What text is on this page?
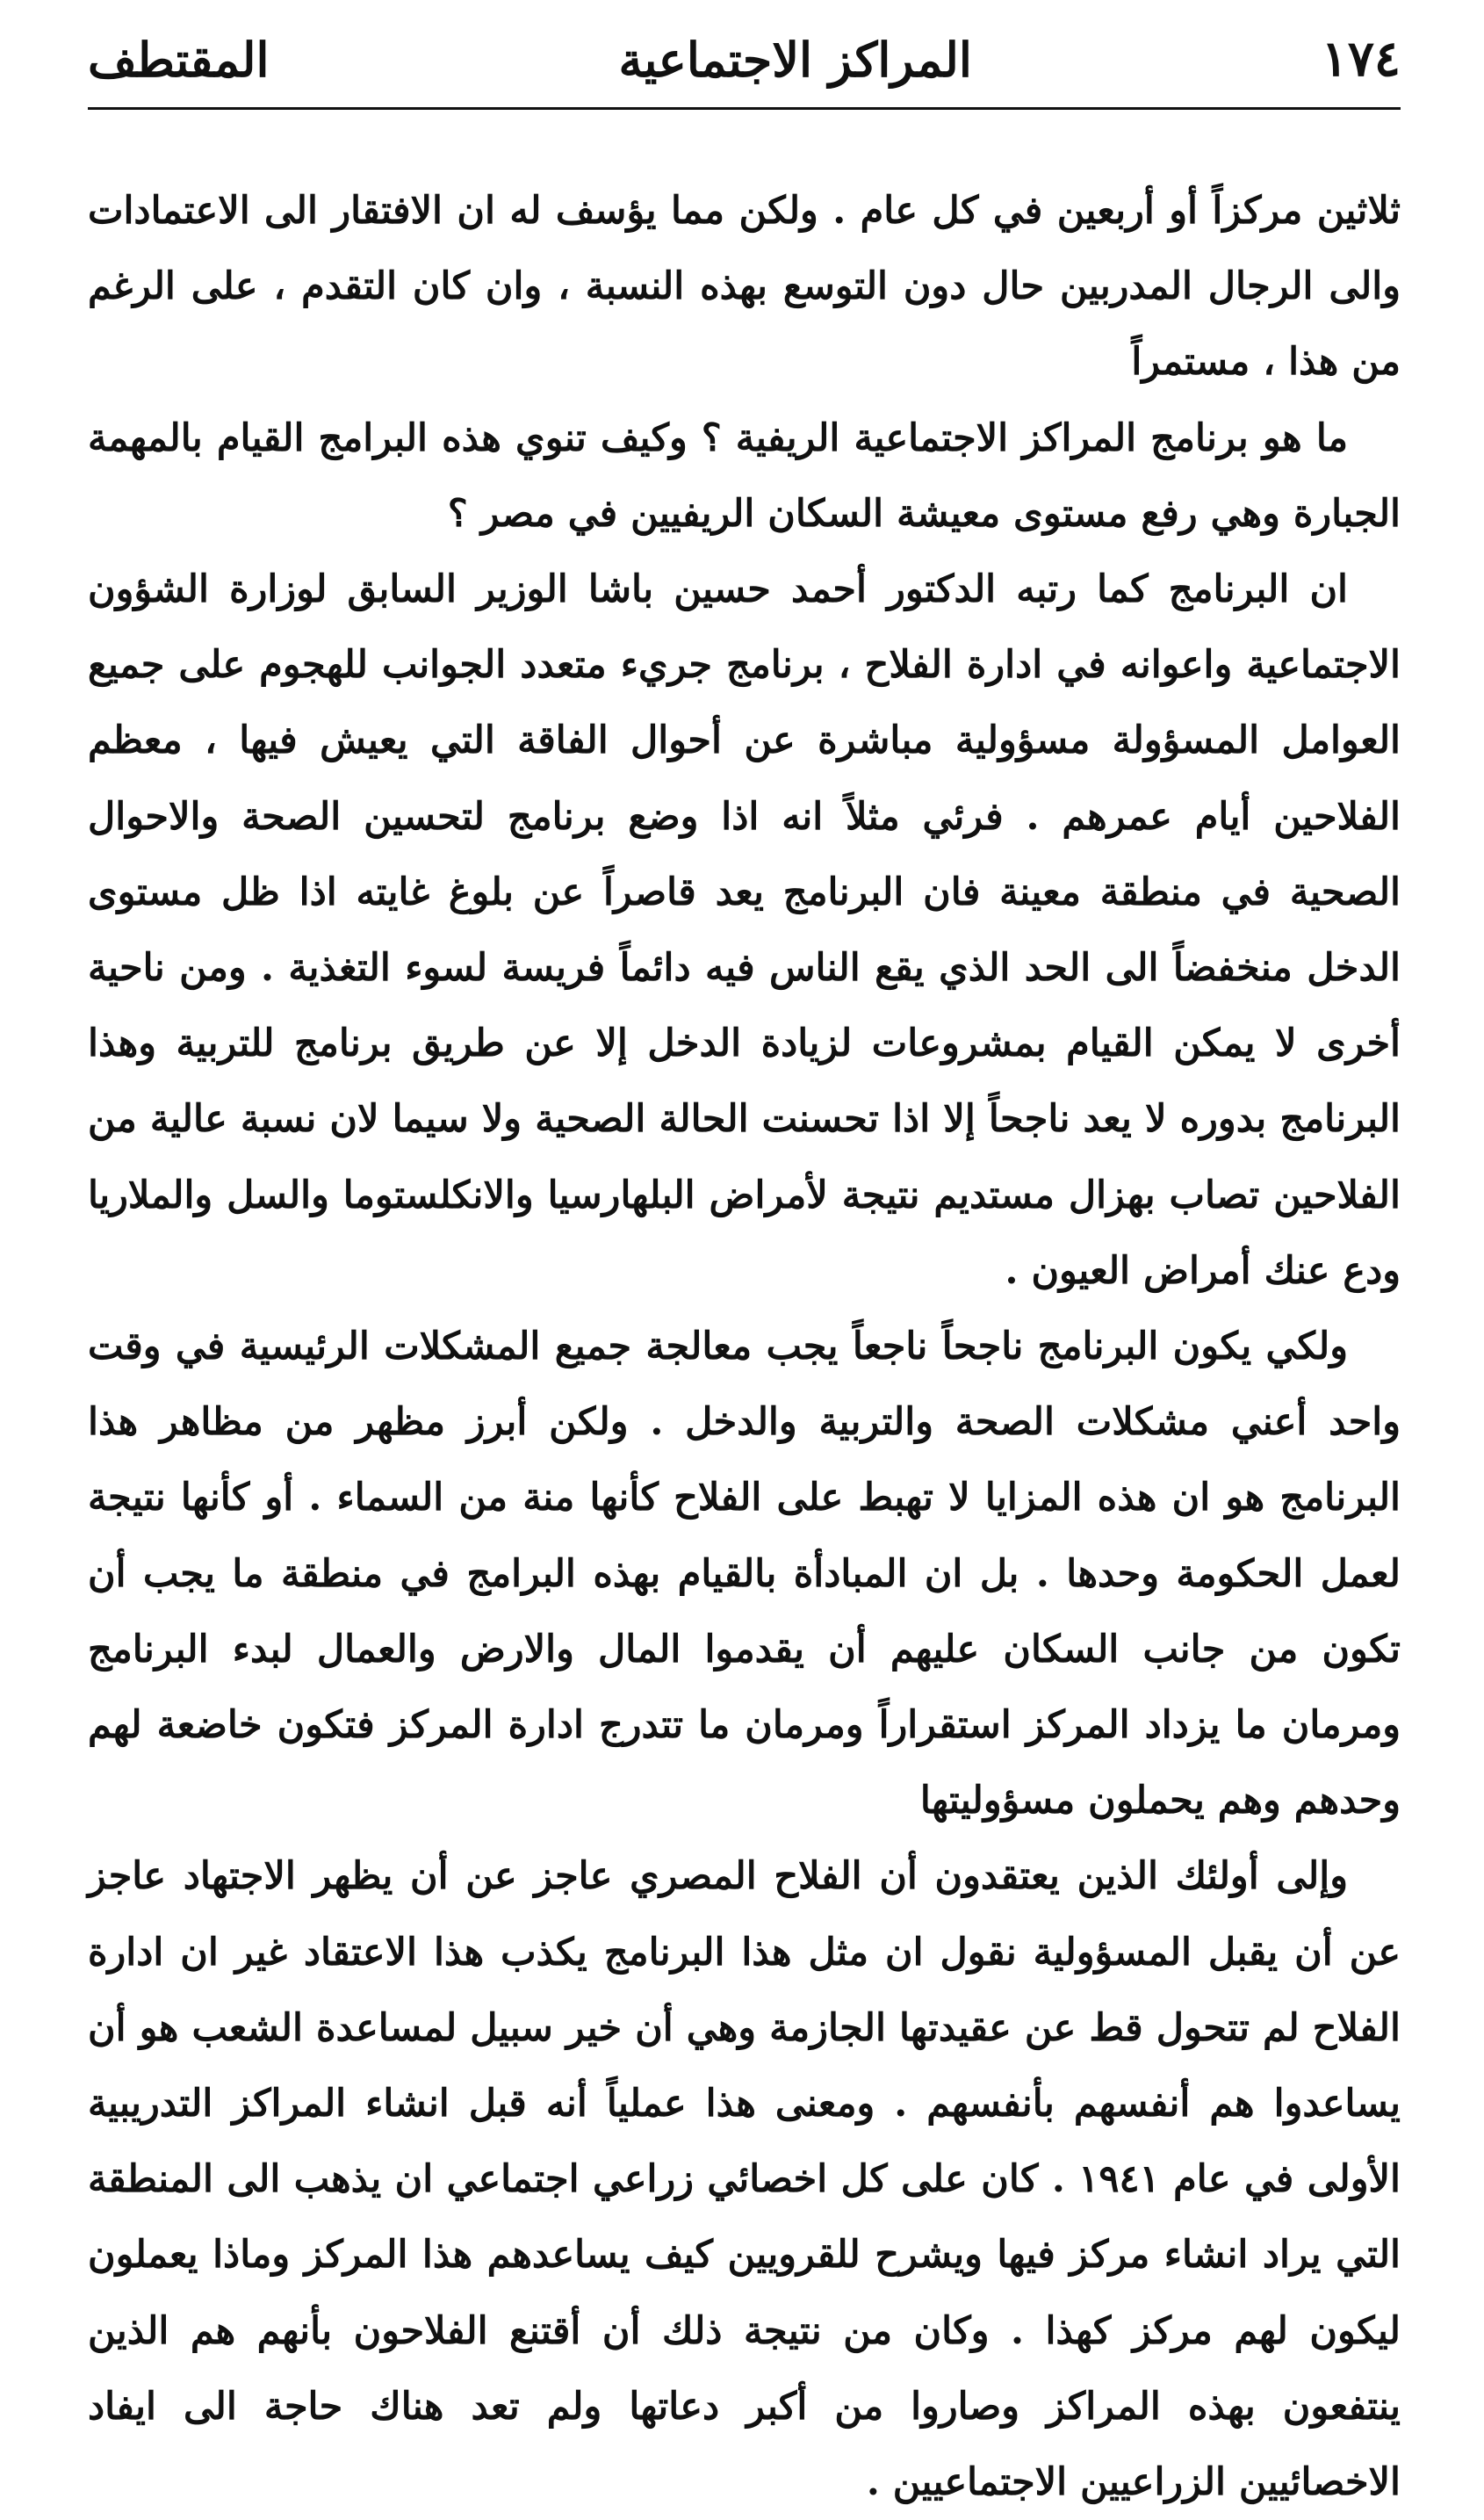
١٧٤
المراكز الاجتماعية
المقتطف

ثلاثين مركزاً أو أربعين في كل عام . ولكن مما يؤسف له ان الافتقار الى الاعتمادات والى الرجال المدربين حال دون التوسع بهذه النسبة ، وان كان التقدم ، على الرغم من هذا ، مستمراً

ما هو برنامج المراكز الاجتماعية الريفية ؟ وكيف تنوي هذه البرامج القيام بالمهمة الجبارة وهي رفع مستوى معيشة السكان الريفيين في مصر ؟

ان البرنامج كما رتبه الدكتور أحمد حسين باشا الوزير السابق لوزارة الشؤون الاجتماعية واعوانه في ادارة الفلاح ، برنامج جريء متعدد الجوانب للهجوم على جميع العوامل المسؤولة مسؤولية مباشرة عن أحوال الفاقة التي يعيش فيها ، معظم الفلاحين أيام عمرهم . فرئي مثلاً انه اذا وضع برنامج لتحسين الصحة والاحوال الصحية في منطقة معينة فان البرنامج يعد قاصراً عن بلوغ غايته اذا ظل مستوى الدخل منخفضاً الى الحد الذي يقع الناس فيه دائماً فريسة لسوء التغذية . ومن ناحية أخرى لا يمكن القيام بمشروعات لزيادة الدخل إلا عن طريق برنامج للتربية وهذا البرنامج بدوره لا يعد ناجحاً إلا اذا تحسنت الحالة الصحية ولا سيما لان نسبة عالية من الفلاحين تصاب بهزال مستديم نتيجة لأمراض البلهارسيا والانكلستوما والسل والملاريا ودع عنك أمراض العيون .

ولكي يكون البرنامج ناجحاً ناجعاً يجب معالجة جميع المشكلات الرئيسية في وقت واحد أعني مشكلات الصحة والتربية والدخل . ولكن أبرز مظهر من مظاهر هذا البرنامج هو ان هذه المزايا لا تهبط على الفلاح كأنها منة من السماء . أو كأنها نتيجة لعمل الحكومة وحدها . بل ان المبادأة بالقيام بهذه البرامج في منطقة ما يجب أن تكون من جانب السكان عليهم أن يقدموا المال والارض والعمال لبدء البرنامج ومرمان ما يزداد المركز استقراراً ومرمان ما تتدرج ادارة المركز فتكون خاضعة لهم وحدهم وهم يحملون مسؤوليتها

وإلى أولئك الذين يعتقدون أن الفلاح المصري عاجز عن أن يظهر الاجتهاد عاجز عن أن يقبل المسؤولية نقول ان مثل هذا البرنامج يكذب هذا الاعتقاد غير ان ادارة الفلاح لم تتحول قط عن عقيدتها الجازمة وهي أن خير سبيل لمساعدة الشعب هو أن يساعدوا هم أنفسهم بأنفسهم . ومعنى هذا عملياً أنه قبل انشاء المراكز التدريبية الأولى في عام ١٩٤١ . كان على كل اخصائي زراعي اجتماعي ان يذهب الى المنطقة التي يراد انشاء مركز فيها ويشرح للقرويين كيف يساعدهم هذا المركز وماذا يعملون ليكون لهم مركز كهذا . وكان من نتيجة ذلك أن أقتنع الفلاحون بأنهم هم الذين ينتفعون بهذه المراكز وصاروا من أكبر دعاتها ولم تعد هناك حاجة الى ايفاد الاخصائيين الزراعيين الاجتماعيين .
